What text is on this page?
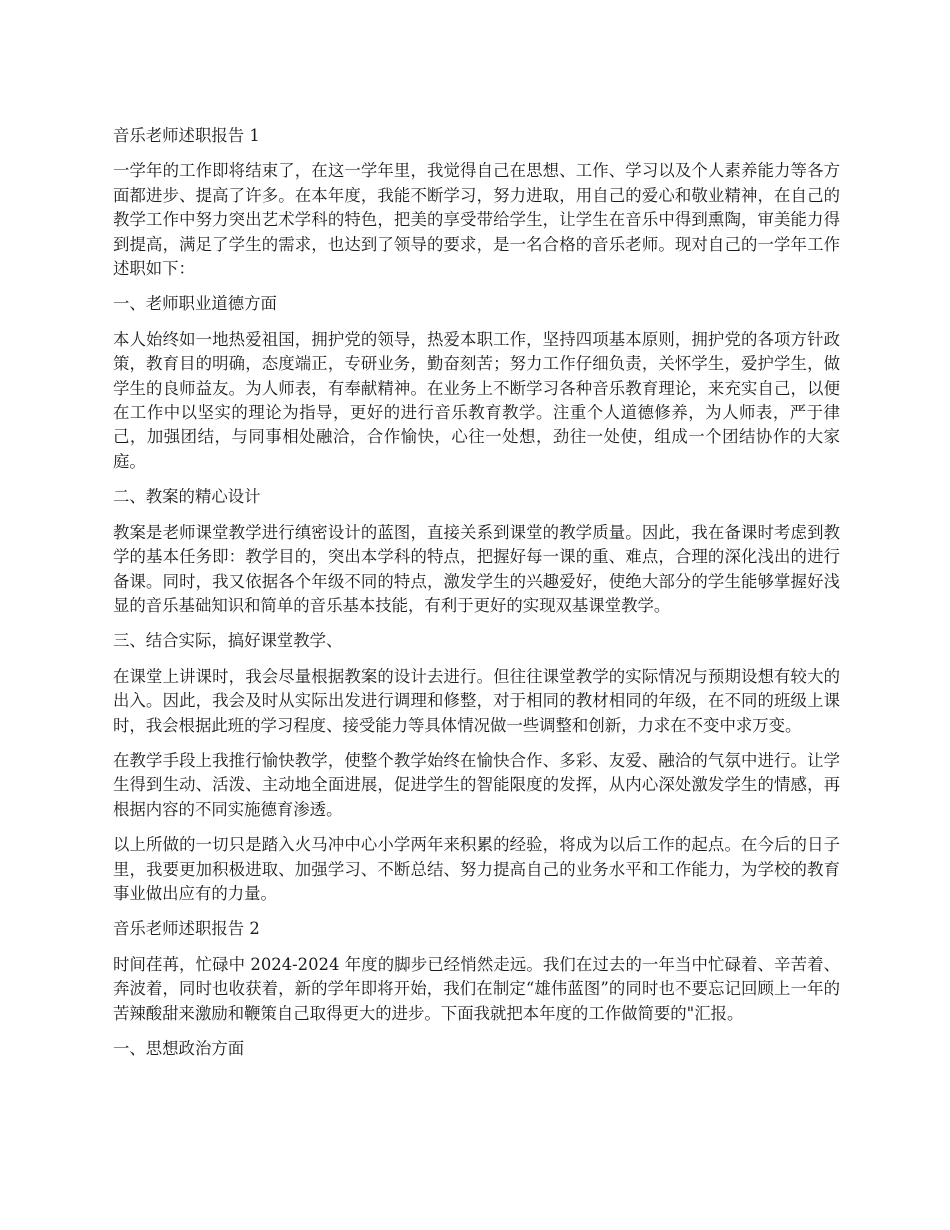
音乐老师述职报告 1
一学年的工作即将结束了，在这一学年里，我觉得自己在思想、工作、学习以及个人素养能力等各方面都进步、提高了许多。在本年度，我能不断学习，努力进取，用自己的爱心和敬业精神，在自己的教学工作中努力突出艺术学科的特色，把美的享受带给学生，让学生在音乐中得到熏陶，审美能力得到提高，满足了学生的需求，也达到了领导的要求，是一名合格的音乐老师。现对自己的一学年工作述职如下：
一、老师职业道德方面
本人始终如一地热爱祖国，拥护党的领导，热爱本职工作，坚持四项基本原则，拥护党的各项方针政策，教育目的明确，态度端正，专研业务，勤奋刻苦；努力工作仔细负责，关怀学生，爱护学生，做学生的良师益友。为人师表，有奉献精神。在业务上不断学习各种音乐教育理论，来充实自己，以便在工作中以坚实的理论为指导，更好的进行音乐教育教学。注重个人道德修养，为人师表，严于律己，加强团结，与同事相处融洽，合作愉快，心往一处想，劲往一处使，组成一个团结协作的大家庭。
二、教案的精心设计
教案是老师课堂教学进行缜密设计的蓝图，直接关系到课堂的教学质量。因此，我在备课时考虑到教学的基本任务即：教学目的，突出本学科的特点，把握好每一课的重、难点，合理的深化浅出的进行备课。同时，我又依据各个年级不同的特点，激发学生的兴趣爱好，使绝大部分的学生能够掌握好浅显的音乐基础知识和简单的音乐基本技能，有利于更好的实现双基课堂教学。
三、结合实际，搞好课堂教学、
在课堂上讲课时，我会尽量根据教案的设计去进行。但往往课堂教学的实际情况与预期设想有较大的出入。因此，我会及时从实际出发进行调理和修整，对于相同的教材相同的年级，在不同的班级上课时，我会根据此班的学习程度、接受能力等具体情况做一些调整和创新，力求在不变中求万变。
在教学手段上我推行愉快教学，使整个教学始终在愉快合作、多彩、友爱、融洽的气氛中进行。让学生得到生动、活泼、主动地全面进展，促进学生的智能限度的发挥，从内心深处激发学生的情感，再根据内容的不同实施德育渗透。
以上所做的一切只是踏入火马冲中心小学两年来积累的经验，将成为以后工作的起点。在今后的日子里，我要更加积极进取、加强学习、不断总结、努力提高自己的业务水平和工作能力，为学校的教育事业做出应有的力量。
音乐老师述职报告 2
时间荏苒，忙碌中 2024-2024 年度的脚步已经悄然走远。我们在过去的一年当中忙碌着、辛苦着、奔波着，同时也收获着，新的学年即将开始，我们在制定“雄伟蓝图”的同时也不要忘记回顾上一年的苦辣酸甜来激励和鞭策自己取得更大的进步。下面我就把本年度的工作做简要的"汇报。
一、思想政治方面
